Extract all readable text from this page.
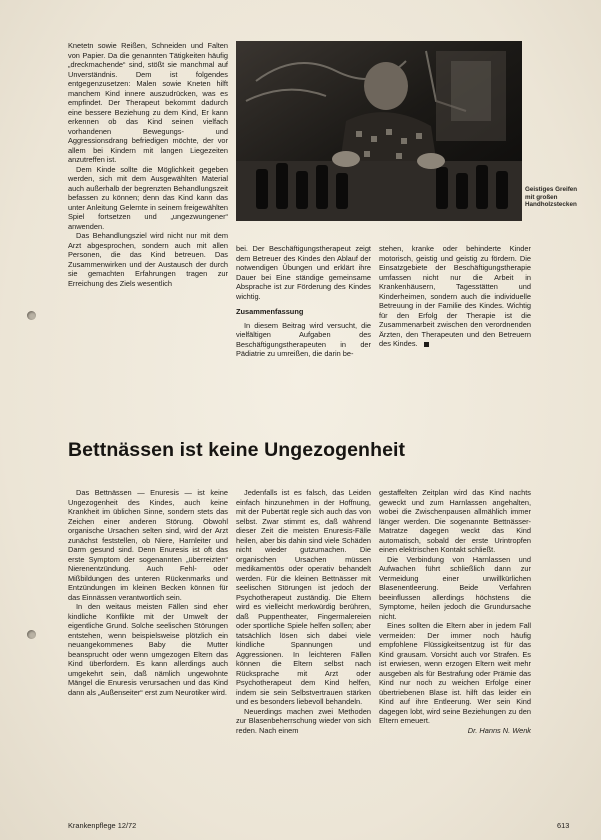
Knetetn sowie Reißen, Schneiden und Falten von Papier. Da die genannten Tätigkeiten häufig „dreckmachende“ sind, stößt sie manchmal auf Unverständnis. Dem ist folgendes entgegenzusetzen: Malen sowie Kneten hilft manchem Kind innere auszudrücken, was es empfindet. Der Therapeut bekommt dadurch eine bessere Beziehung zu dem Kind, Er kann erkennen ob das Kind seinen vielfach vorhandenen Bewegungs- und Aggressionsdrang befriedigen möchte, der vor allem bei Kindern mit langen Liegezeiten anzutreffen ist.

Dem Kinde sollte die Möglichkeit gegeben werden, sich mit dem Ausgewählten Material auch außerhalb der begrenzten Behandlungszeit befassen zu können; denn das Kind kann das unter Anleitung Gelernte in seinem freigewählten Spiel fortsetzen und „ungezwungener“ anwenden.

Das Behandlungsziel wird nicht nur mit dem Arzt abgesprochen, sondern auch mit allen Personen, die das Kind betreuen. Das Zusammenwirken und der Austausch der durch sie gemachten Erfahrungen tragen zur Erreichung des Ziels wesentlich

Geistiges Greifen mit großen Handholzstecken

bei. Der Beschäftigungstherapeut zeigt dem Betreuer des Kindes den Ablauf der notwendigen Übungen und erklärt ihre Dauer bei Eine ständige gemeinsame Absprache ist zur Förderung des Kindes wichtig.

Zusammenfassung

In diesem Beitrag wird versucht, die vielfältigen Aufgaben des Beschäftigungstherapeuten in der Pädiatrie zu umreißen, die darin be-

stehen, kranke oder behinderte Kinder motorisch, geistig und geistig zu fördern. Die Einsatzgebiete der Beschäftigungstherapie umfassen nicht nur die Arbeit in Krankenhäusern, Tagesstätten und Kinderheimen, sondern auch die individuelle Betreuung in der Familie des Kindes. Wichtig für den Erfolg der Therapie ist die Zusammenarbeit zwischen den verordnenden Ärzten, den Therapeuten und den Betreuern des Kindes.

Bettnässen ist keine Ungezogenheit

Das Bettnässen — Enuresis — ist keine Ungezogenheit des Kindes, auch keine Krankheit im üblichen Sinne, sondern stets das Zeichen einer anderen Störung. Obwohl organische Ursachen selten sind, wird der Arzt zunächst feststellen, ob Niere, Harnleiter und Darm gesund sind. Denn Enuresis ist oft das erste Symptom der sogenannten „überreizten“ Nierenentzündung. Auch Fehl- oder Mißbildungen des unteren Rückenmarks und Entzündungen im kleinen Becken können für das Einnässen verantwortlich sein.

In den weitaus meisten Fällen sind eher kindliche Konflikte mit der Umwelt der eigentliche Grund. Solche seelischen Störungen entstehen, wenn beispielsweise plötzlich ein neuangekommenes Baby die Mutter beansprucht oder wenn umgezogen Eltern das Kind überfordern. Es kann allerdings auch umgekehrt sein, daß nämlich ungewohnte Mängel die Enuresis verursachen und das Kind dann als „Außenseiter“ erst zum Neurotiker wird.

Jedenfalls ist es falsch, das Leiden einfach hinzunehmen in der Hoffnung, mit der Pubertät regle sich auch das von selbst. Zwar stimmt es, daß während dieser Zeit die meisten Enuresis-Fälle heilen, aber bis dahin sind viele Schäden nicht wieder gutzumachen. Die organischen Ursachen müssen medikamentös oder operativ behandelt werden. Für die kleinen Bettnässer mit seelischen Störungen ist jedoch der Psychotherapeut zuständig. Die Eltern wird es vielleicht merkwürdig berühren, daß Puppentheater, Fingermalereien oder sportliche Spiele helfen sollen; aber tatsächlich lösen sich dabei viele kindliche Spannungen und Aggressionen. In leichteren Fällen können die Eltern selbst nach Rücksprache mit Arzt oder Psychotherapeut dem Kind helfen, indem sie sein Selbstvertrauen stärken und es besonders liebevoll behandeln.

Neuerdings machen zwei Methoden zur Blasenbeherrschung wieder von sich reden. Nach einem

gestaffelten Zeitplan wird das Kind nachts geweckt und zum Harnlassen angehalten, wobei die Zwischenpausen allmählich immer länger werden. Die sogenannte Bettnässer-Matratze dagegen weckt das Kind automatisch, sobald der erste Urintropfen einen elektrischen Kontakt schließt.

Die Verbindung von Harnlassen und Aufwachen führt schließlich dann zur Vermeidung einer unwillkürlichen Blasenentleerung. Beide Verfahren beeinflussen allerdings höchstens die Symptome, heilen jedoch die Grundursache nicht.

Eines sollten die Eltern aber in jedem Fall vermeiden: Der immer noch häufig empfohlene Flüssigkeitsentzug ist für das Kind grausam. Vorsicht auch vor Strafen. Es ist erwiesen, wenn erzogen Eltern weit mehr ausgeben als für Bestrafung oder Prämie das Kind nur noch zu weichen Erfolge einer übertriebenen Blase ist. hilft das leider ein Kind auf ihre Entleerung. Wer sein Kind dagegen lobt, wird seine Beziehungen zu den Eltern erneuert.

Dr. Hanns N. Wenk

Krankenpflege 12/72	613
